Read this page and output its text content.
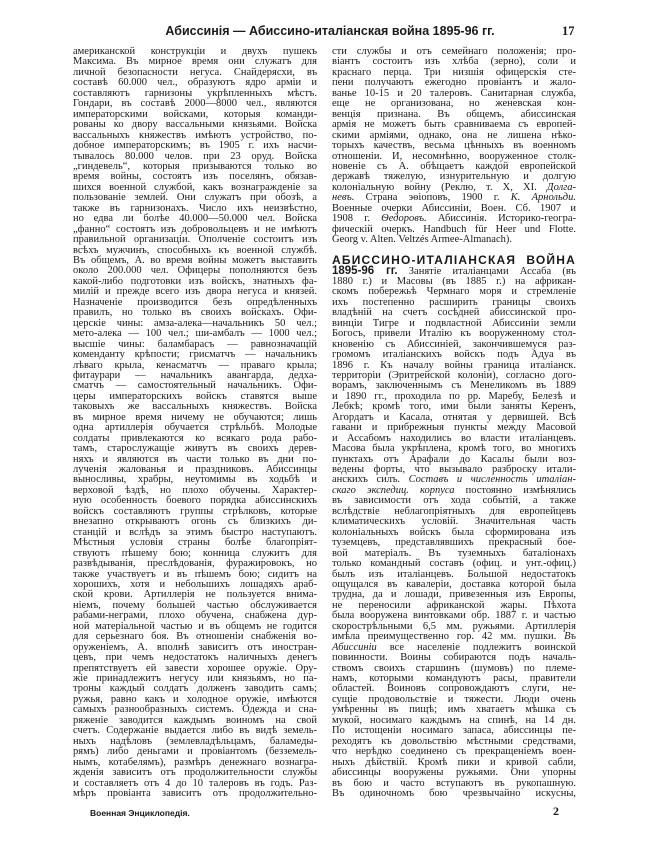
Абиссинія — Абиссино-италіанская война 1895-96 гг.	17
американской конструкціи и двухъ пушекъ
Максима. Въ мирное время они служатъ для
личной безопасности негуса. Снайдерясхи, въ
составѣ 60.000 чел., образуютъ ядро арміи и
составляютъ гарнизоны укрѣпленныхъ мѣстъ.
Гондари, въ составѣ 2000—8000 чел., являются
императорскими войсками, которыя команди-
рованы ко двору вассальными князьями. Войска
вассальныхъ княжествъ имѣютъ устройство, по-
добное императорскимъ; въ 1905 г. ихъ насчи-
тывалось 80.000 челов. при 23 оруд. Войска
„гиндевель“, которыя призываются только во
время войны, состоятъ изъ поселянъ, обязав-
шихся военной службой, какъ вознагражденіе за
пользованіе землей. Они служатъ при обозѣ, а
также въ гарнизонахъ. Число ихъ неизвѣстно,
но едва ли болѣе 40.000—50.000 чел. Войска
„фанно“ состоятъ изъ добровольцевъ и не имѣютъ
правильной организаціи. Ополченіе состоитъ изъ
всѣхъ мужчинъ, способныхъ къ военной службѣ.
Въ общемъ, А. во время войны можетъ выставить
около 200.000 чел. Офицеры пополняются безъ
какой-либо подготовки изъ войскъ, знатныхъ фа-
милій и прежде всего изъ двора негуса и князей.
Назначеніе производится безъ опредѣленныхъ
правилъ, но только въ своихъ войскахъ. Офи-
церскіе чины: амза-алека—начальникъ 50 чел.;
мето-алека — 100 чел.; ши-амбалъ — 1000 чел.;
высшіе чины: баламбарасъ — равнозначащій
коменданту крѣпости; грисматчъ — начальникъ
лѣваго крыла, кенасматчъ — праваго крыла;
фитаурари — начальникъ авангарда, дедха-
сматчъ — самостоятельный начальникъ. Офи-
церы императорскихъ войскъ ставятся выше
таковыхъ же вассальныхъ княжествъ. Войска
въ мирное время ничему не обучаются; лишь
одна артиллерія обучается стрѣльбѣ. Молодые
солдаты привлекаются ко всякаго рода рабо-
тамъ, старослужащіе живутъ въ своихъ дерев-
няхъ и являются въ части только въ дни по-
лученія жалованья и праздниковъ. Абиссинцы
выносливы, храбры, неутомимы въ ходьбѣ и
верховой ѣздѣ, но плохо обучены. Характер-
ную особенность боевого порядка абиссинскихъ
войскъ составляютъ группы стрѣлковъ, которые
внезапно открываютъ огонь съ близкихъ ди-
станцій и вслѣдъ за этимъ быстро наступаютъ.
Мѣстныя условія страны болѣе благопріят-
ствуютъ пѣшему бою; конница служитъ для
развѣдыванія, преслѣдованія, фуражировокъ, но
также участвуетъ и въ пѣшемъ бою; сидитъ на
хорошихъ, хотя и небольшихъ лошадяхъ араб-
ской крови. Артиллерія не пользуется внима-
ніемъ, почему большей частью обслуживается
рабами-неграми, плохо обучена, снабжена дур-
ной матеріальной частью и въ общемъ не годится
для серьезнаго боя. Въ отношеніи снабженія во-
оруженіемъ, А. вполнѣ зависитъ отъ иностран-
цевъ, при чемъ недостатокъ наличныхъ денегъ
препятствуетъ ей завести хорошее оружіе. Ору-
жіе принадлежитъ негусу или князьямъ, но па-
троны каждый солдатъ долженъ заводить самъ;
ружья, равно какъ и холодное оружіе, имѣются
самыхъ разнообразныхъ системъ. Одежда и сна-
ряженіе заводится каждымъ воиномъ на свой
счетъ. Содержаніе выдается либо въ видѣ земель-
ныхъ надѣловъ (землевладѣльцамъ, баламеды-
рямъ) либо деньгами и провіантомъ (безземель-
нымъ, котабелямъ), размѣръ денежнаго вознагра-
жденія зависитъ отъ продолжительности службы
и составляетъ отъ 4 до 10 талеровъ въ годъ. Раз-
мѣръ провіанта зависитъ отъ продолжительно-
сти службы и отъ семейнаго положенія; про-
віантъ состоитъ изъ хлѣба (зерно), соли и
краснаго перца. Три низшія офицерскія сте-
пени получаютъ ежегодно провіантъ и жало-
ванье 10-15 и 20 талеровъ. Санитарная служба,
еще не организована, но женевская кон-
венція признана. Въ общемъ, абиссинская
армія не можетъ быть сравниваема съ европей-
скими арміями, однако, она не лишена нѣко-
торыхъ качествъ, весьма цѣнныхъ въ военномъ
отношеніи. И, несомнѣнно, вооруженное столк-
новеніе съ А. обѣщаетъ каждой европейской
державѣ тяжелую, изнурительную и долгую
колоніальную войну (Реклю, т. X, XI. Долга-
невъ. Страна эѳіоповъ, 1900 г. К. Арнольди.
Военные очерки Абиссиніи, Воен. Сб. 1907 и
1908 г. Ѳедоровъ. Абиссинія. Историко-геогра-
фическій очеркъ. Handbuch für Heer und Flotte.
Georg v. Alten. Veltzés Armee-Almanach).
АБИССИНО-ИТАЛІАНСКАЯ ВОЙНА
1895-96 гг. Занятіе италіанцами Ассаба (въ
1880 г.) и Масовы (въ 1885 г.) на африкан-
скомъ побережьѣ Чермнаго моря и стремленіе
ихъ постепенно расширить границы своихъ
владѣній на счетъ сосѣдней абиссинской про-
винціи Тигре и подвластной Абиссиніи земли
Богосъ, привели Италію къ вооруженному стол-
кновенію съ Абиссиніей, закончившемуся раз-
громомъ италіанскихъ войскъ подъ Адуа въ
1896 г. Къ началу войны граница италіанск.
территоріи (Эритрейской колоніи), согласно дого-
ворамъ, заключеннымъ съ Менеликомъ въ 1889
и 1890 гг., проходила по рр. Маребу, Белезѣ и
Лебкѣ; кромѣ того, ими были заняты Керенъ,
Агордатъ и Касала, отнятая у дервишей. Всѣ
гавани и прибрежныя пункты между Масовой
и Ассабомъ находились во власти италіанцевъ.
Масова была укрѣплена, кромѣ того, во многихъ
пунктахъ отъ Арафали до Касалы были воз-
ведены форты, что вызывало разброску итали-
анскихъ силъ. Составъ и численность италіан-
скаго экспедиц. корпуса постоянно измѣнялись
въ зависимости отъ хода событій, а также
вслѣдствіе неблагопріятныхъ для европейцевъ
климатическихъ условій. Значительная часть
колоніальныхъ войскъ была сформирована изъ
туземцевъ, представлявшихъ прекрасный бое-
вой матеріалъ. Въ туземныхъ баталіонахъ
только командный составъ (офиц. и унт.-офиц.)
былъ изъ италіанцевъ. Большой недостатокъ
ощущался въ кавалеріи, доставка которой была
трудна, да и лошади, привезенныя изъ Европы,
не переносили африканской жары. Пѣхота
была вооружена винтовками обр. 1887 г. и частью
скорострѣльными 6,5 мм. ружьями. Артиллерія
имѣла преимущественно гор. 42 мм. пушки. Въ
Абиссиніи все населеніе подлежитъ воинской
повинности. Воины собираются подъ началь-
ствомъ своихъ старшинъ (шумовъ) по племе-
намъ, которыми командуютъ расы, правители
областей. Воиновъ сопровождаютъ слуги, не-
сущіе продовольствіе и тяжести. Люди очень
умѣренны въ пищѣ; имъ хватаетъ мѣшка съ
мукой, носимаго каждымъ на спинѣ, на 14 дн.
По истощеніи носимаго запаса, абиссинцы пе-
реходятъ къ довольствію мѣстными средствами,
что нерѣдко соединено съ прекращеніемъ воен-
ныхъ дѣйствій. Кромѣ пики и кривой сабли,
абиссинцы вооружены ружьями. Они упорны
въ бою и часто вступаютъ въ рукопашную.
Въ одиночномъ бою чрезвычайно искусны,
Военная Энциклопедія.	2
